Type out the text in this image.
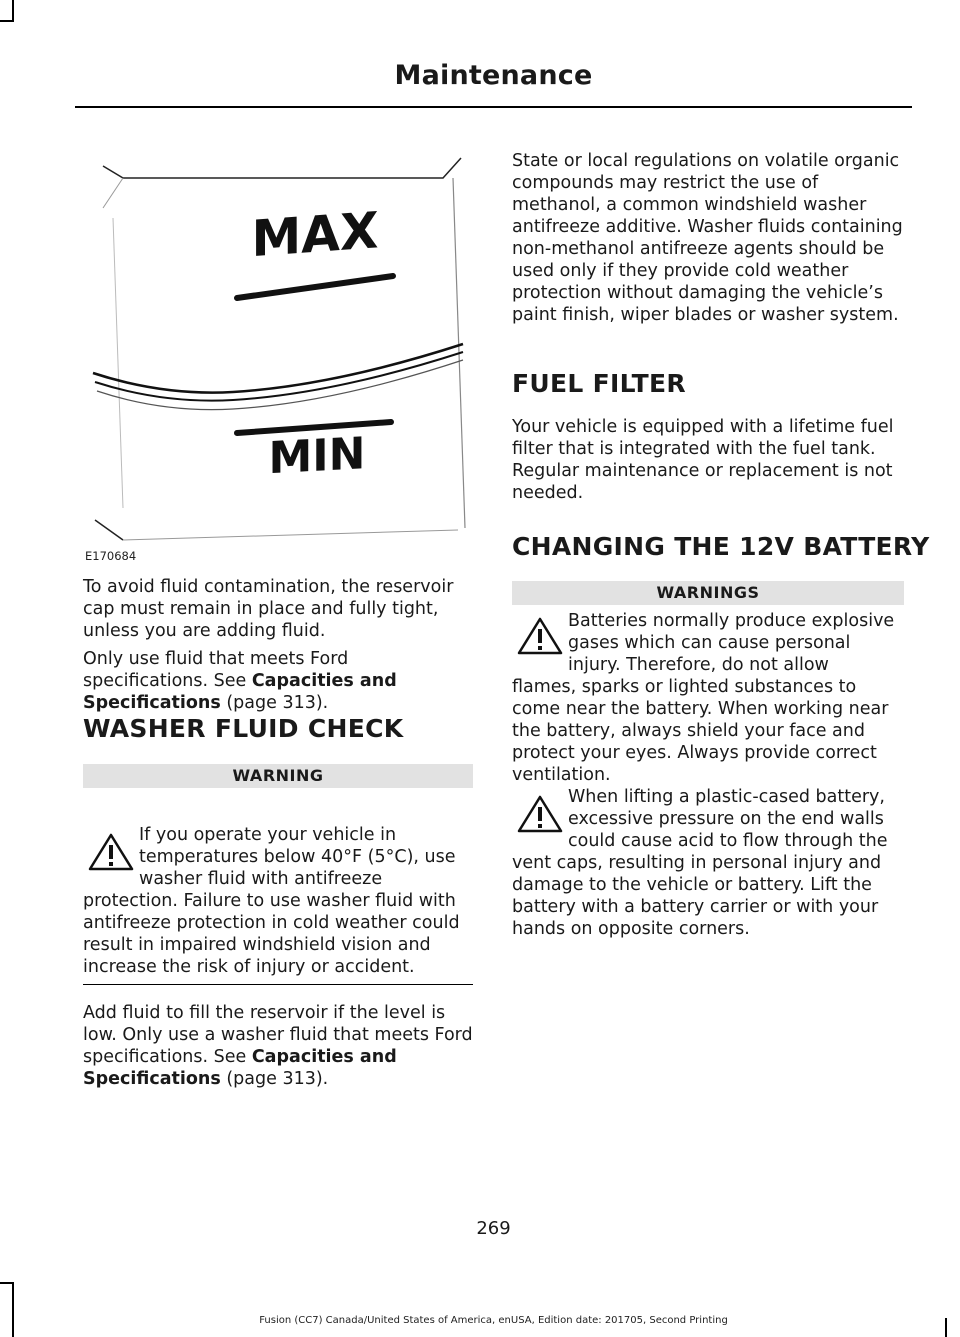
Maintenance
MAX
MIN
E170684

To avoid fluid contamination, the reservoir cap must remain in place and fully tight, unless you are adding fluid.

Only use fluid that meets Ford specifications. See Capacities and Specifications (page 313).

WASHER FLUID CHECK
WARNING

If you operate your vehicle in
temperatures below 40°F (5°C), use
washer fluid with antifreeze
protection. Failure to use washer fluid with antifreeze protection in cold weather could result in impaired windshield vision and increase the risk of injury or accident.

Add fluid to fill the reservoir if the level is low. Only use a washer fluid that meets Ford specifications. See Capacities and Specifications (page 313).

State or local regulations on volatile organic compounds may restrict the use of methanol, a common windshield washer antifreeze additive. Washer fluids containing non-methanol antifreeze agents should be used only if they provide cold weather protection without damaging the vehicle’s paint finish, wiper blades or washer system.

FUEL FILTER

Your vehicle is equipped with a lifetime fuel filter that is integrated with the fuel tank. Regular maintenance or replacement is not needed.

CHANGING THE 12V BATTERY
WARNINGS

Batteries normally produce explosive
gases which can cause personal
injury. Therefore, do not allow
flames, sparks or lighted substances to come near the battery. When working near the battery, always shield your face and protect your eyes. Always provide correct ventilation.

When lifting a plastic-cased battery,
excessive pressure on the end walls
could cause acid to flow through the
vent caps, resulting in personal injury and damage to the vehicle or battery. Lift the battery with a battery carrier or with your hands on opposite corners.

269
Fusion (CC7) Canada/United States of America, enUSA, Edition date: 201705, Second Printing
